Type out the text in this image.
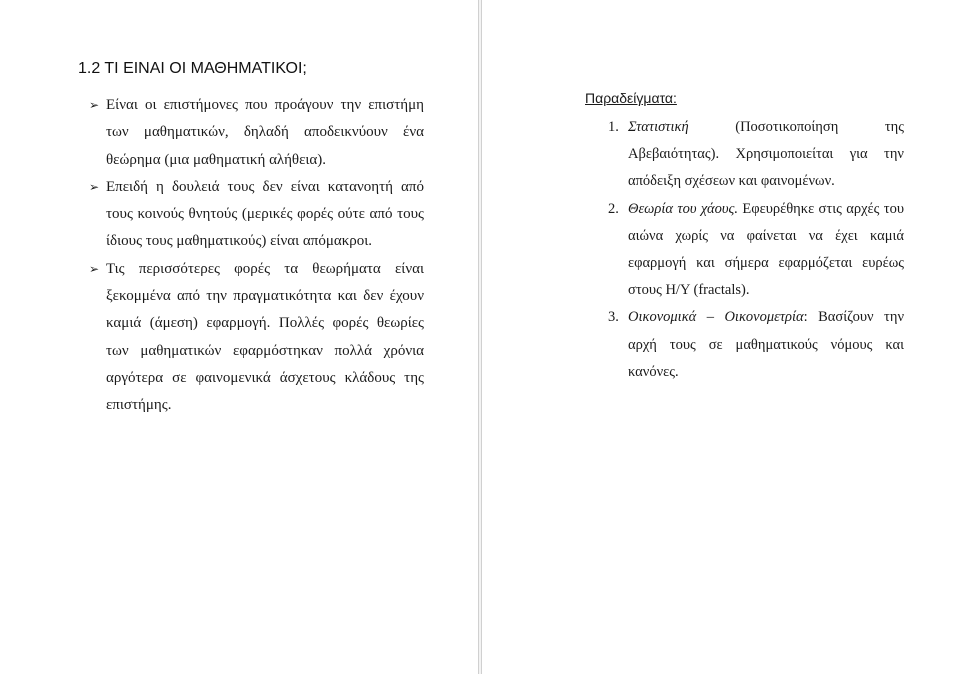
1.2 ΤΙ ΕΙΝΑΙ ΟΙ ΜΑΘΗΜΑΤΙΚΟΙ;
➢ Είναι οι επιστήμονες που προάγουν την επιστήμη των μαθηματικών, δηλαδή αποδεικνύουν ένα θεώρημα (μια μαθηματική αλήθεια).
➢ Επειδή η δουλειά τους δεν είναι κατανοητή από τους κοινούς θνητούς (μερικές φορές ούτε από τους ίδιους τους μαθηματικούς) είναι απόμακροι.
➢ Τις περισσότερες φορές τα θεωρήματα είναι ξεκομμένα από την πραγματικότητα και δεν έχουν καμιά (άμεση) εφαρμογή. Πολλές φορές θεωρίες των μαθηματικών εφαρμόστηκαν πολλά χρόνια αργότερα σε φαινομενικά άσχετους κλάδους της επιστήμης.
Παραδείγματα:
1. Στατιστική (Ποσοτικοποίηση της Αβεβαιότητας). Χρησιμοποιείται για την απόδειξη σχέσεων και φαινομένων.
2. Θεωρία του χάους. Εφευρέθηκε στις αρχές του αιώνα χωρίς να φαίνεται να έχει καμιά εφαρμογή και σήμερα εφαρμόζεται ευρέως στους Η/Υ (fractals).
3. Οικονομικά – Οικονομετρία: Βασίζουν την αρχή τους σε μαθηματικούς νόμους και κανόνες.
